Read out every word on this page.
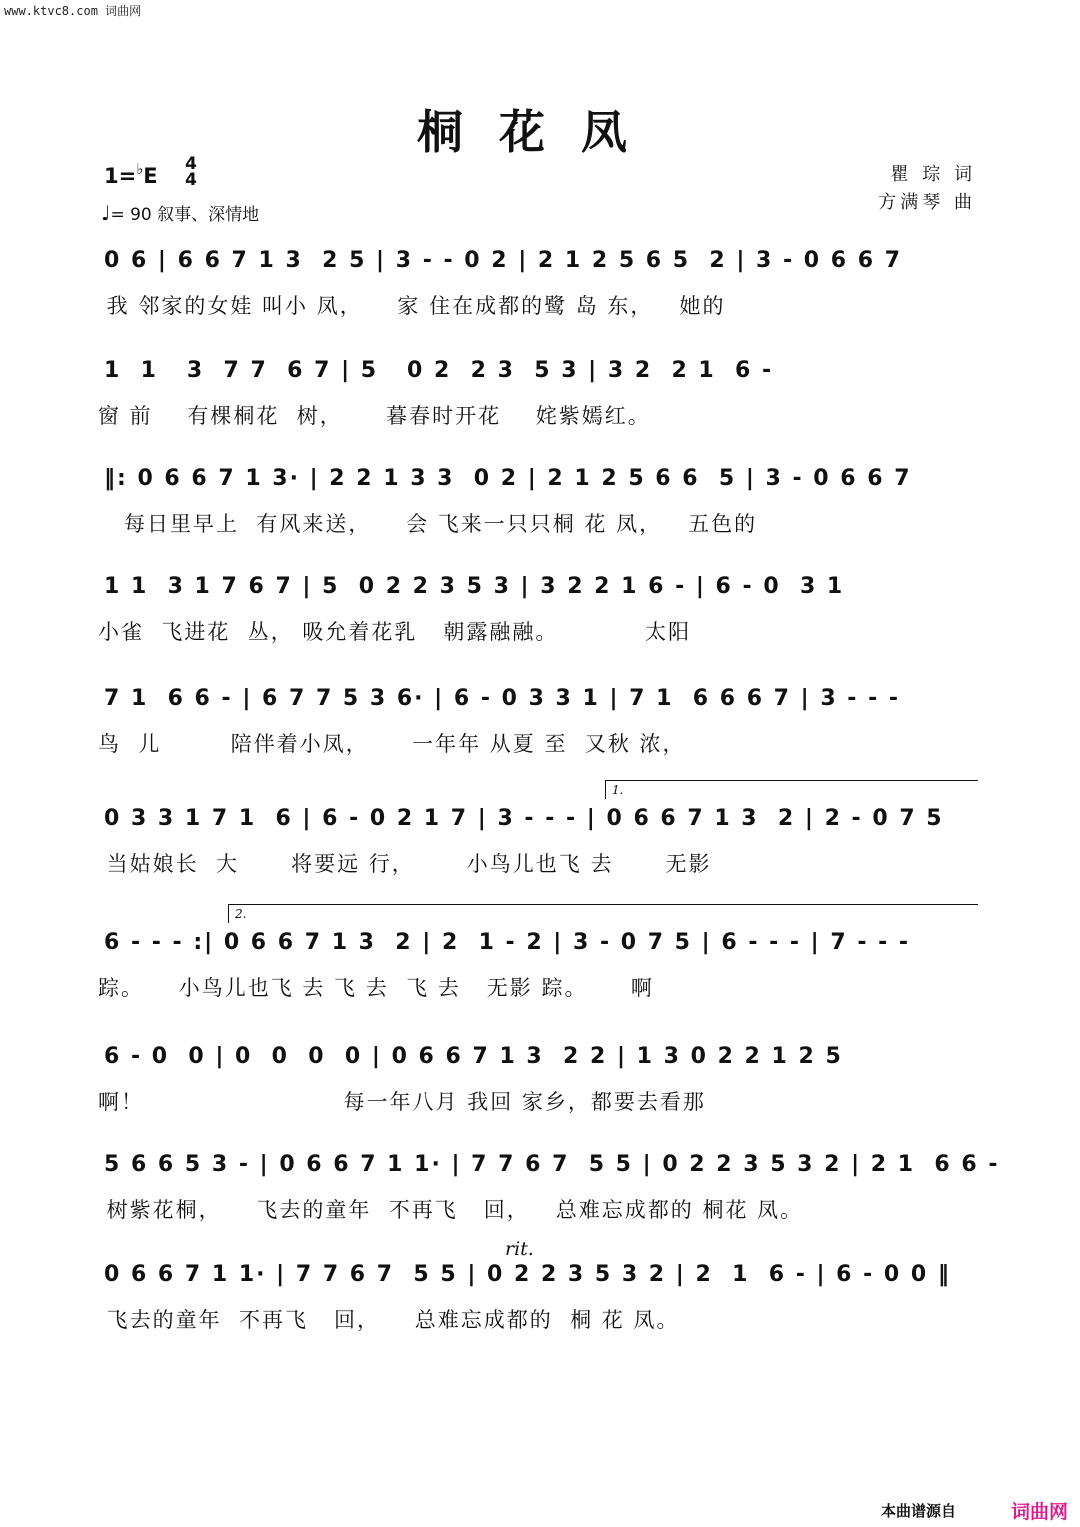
www.ktvc8.com 词曲网
桐花凤
1=♭E 4
4
♩= 90 叙事、深情地
瞿 琮 词
方满琴 曲
0 6 | 6 6 7 1 3  2 5 | 3 - - 0 2 | 2 1 2 5 6 5  2 | 3 - 0 6 6 7
我 邻家的女娃 叫小 凤，    家 住在成都的鹭 岛 东，   她的
1  1   3  7 7  6 7 | 5   0 2  2 3  5 3 | 3 2  2 1  6 -
窗 前    有棵桐花  树，     暮春时开花    姹紫嫣红。
‖: 0 6 6 7 1 3· | 2 2 1 3 3  0 2 | 2 1 2 5 6 6  5 | 3 - 0 6 6 7
每日里早上  有风来送，    会 飞来一只只桐 花 凤，   五色的
1 1  3 1 7 6 7 | 5  0 2 2 3 5 3 | 3 2 2 1 6 - | 6 - 0  3 1
小雀  飞进花  丛， 吸允着花乳   朝露融融。          太阳
7 1  6 6 - | 6 7 7 5 3 6· | 6 - 0 3 3 1 | 7 1  6 6 6 7 | 3 - - -
鸟  儿        陪伴着小凤，     一年年 从夏 至  又秋 浓，
1.
0 3 3 1 7 1  6 | 6 - 0 2 1 7 | 3 - - - | 0 6 6 7 1 3  2 | 2 - 0 7 5
当姑娘长  大      将要远 行，      小鸟儿也飞 去      无影
2.
6 - - - :| 0 6 6 7 1 3  2 | 2  1 - 2 | 3 - 0 7 5 | 6 - - - | 7 - - -
踪。    小鸟儿也飞 去 飞 去  飞 去   无影 踪。     啊
6 - 0  0 | 0  0  0  0 | 0 6 6 7 1 3  2 2 | 1 3 0 2 2 1 2 5
啊！                       每一年八月 我回 家乡，都要去看那
5 6 6 5 3 - | 0 6 6 7 1 1· | 7 7 6 7  5 5 | 0 2 2 3 5 3 2 | 2 1  6 6 -
树紫花桐，    飞去的童年  不再飞   回，   总难忘成都的 桐花 凤。
rit.
0 6 6 7 1 1· | 7 7 6 7  5 5 | 0 2 2 3 5 3 2 | 2  1  6 - | 6 - 0 0 ‖
飞去的童年  不再飞   回，    总难忘成都的  桐 花 凤。
本曲谱源自	词曲网
